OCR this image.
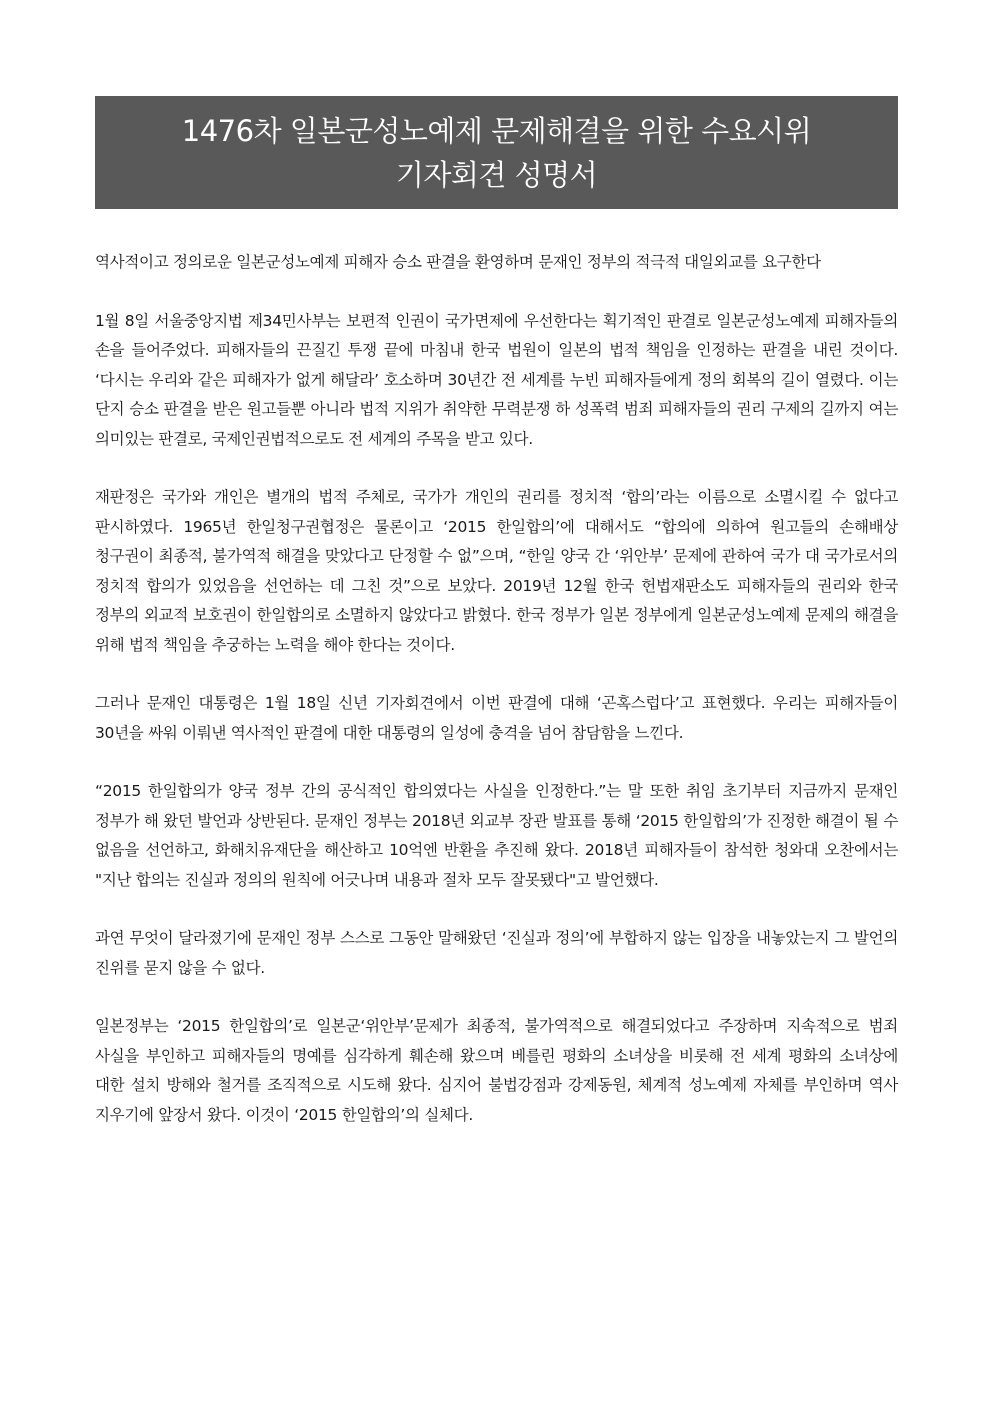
1476차 일본군성노예제 문제해결을 위한 수요시위
기자회견 성명서

역사적이고 정의로운 일본군성노예제 피해자 승소 판결을 환영하며 문재인 정부의 적극적 대일외교를 요구한다

1월 8일 서울중앙지법 제34민사부는 보편적 인권이 국가면제에 우선한다는 획기적인 판결로 일본군성노예제 피해자들의 손을 들어주었다. 피해자들의 끈질긴 투쟁 끝에 마침내 한국 법원이 일본의 법적 책임을 인정하는 판결을 내린 것이다. ‘다시는 우리와 같은 피해자가 없게 해달라’ 호소하며 30년간 전 세계를 누빈 피해자들에게 정의 회복의 길이 열렸다. 이는 단지 승소 판결을 받은 원고들뿐 아니라 법적 지위가 취약한 무력분쟁 하 성폭력 범죄 피해자들의 권리 구제의 길까지 여는 의미있는 판결로, 국제인권법적으로도 전 세계의 주목을 받고 있다.

재판정은 국가와 개인은 별개의 법적 주체로, 국가가 개인의 권리를 정치적 ‘합의’라는 이름으로 소멸시킬 수 없다고 판시하였다. 1965년 한일청구권협정은 물론이고 ‘2015 한일합의’에 대해서도 “합의에 의하여 원고들의 손해배상 청구권이 최종적, 불가역적 해결을 맞았다고 단정할 수 없”으며, “한일 양국 간 ‘위안부’ 문제에 관하여 국가 대 국가로서의 정치적 합의가 있었음을 선언하는 데 그친 것”으로 보았다. 2019년 12월 한국 헌법재판소도 피해자들의 권리와 한국 정부의 외교적 보호권이 한일합의로 소멸하지 않았다고 밝혔다. 한국 정부가 일본 정부에게 일본군성노예제 문제의 해결을 위해 법적 책임을 추궁하는 노력을 해야 한다는 것이다.

그러나 문재인 대통령은 1월 18일 신년 기자회견에서 이번 판결에 대해 ‘곤혹스럽다’고 표현했다. 우리는 피해자들이 30년을 싸워 이뤄낸 역사적인 판결에 대한 대통령의 일성에 충격을 넘어 참담함을 느낀다.

“2015 한일합의가 양국 정부 간의 공식적인 합의였다는 사실을 인정한다.”는 말 또한 취임 초기부터 지금까지 문재인 정부가 해 왔던 발언과 상반된다. 문재인 정부는 2018년 외교부 장관 발표를 통해 ‘2015 한일합의’가 진정한 해결이 될 수 없음을 선언하고, 화해치유재단을 해산하고 10억엔 반환을 추진해 왔다. 2018년 피해자들이 참석한 청와대 오찬에서는 "지난 합의는 진실과 정의의 원칙에 어긋나며 내용과 절차 모두 잘못됐다"고 발언했다.

과연 무엇이 달라졌기에 문재인 정부 스스로 그동안 말해왔던 ‘진실과 정의’에 부합하지 않는 입장을 내놓았는지 그 발언의 진위를 묻지 않을 수 없다.

일본정부는 ‘2015 한일합의’로 일본군‘위안부’문제가 최종적, 불가역적으로 해결되었다고 주장하며 지속적으로 범죄 사실을 부인하고 피해자들의 명예를 심각하게 훼손해 왔으며 베를린 평화의 소녀상을 비롯해 전 세계 평화의 소녀상에 대한 설치 방해와 철거를 조직적으로 시도해 왔다. 심지어 불법강점과 강제동원, 체계적 성노예제 자체를 부인하며 역사 지우기에 앞장서 왔다. 이것이 ‘2015 한일합의’의 실체다.
